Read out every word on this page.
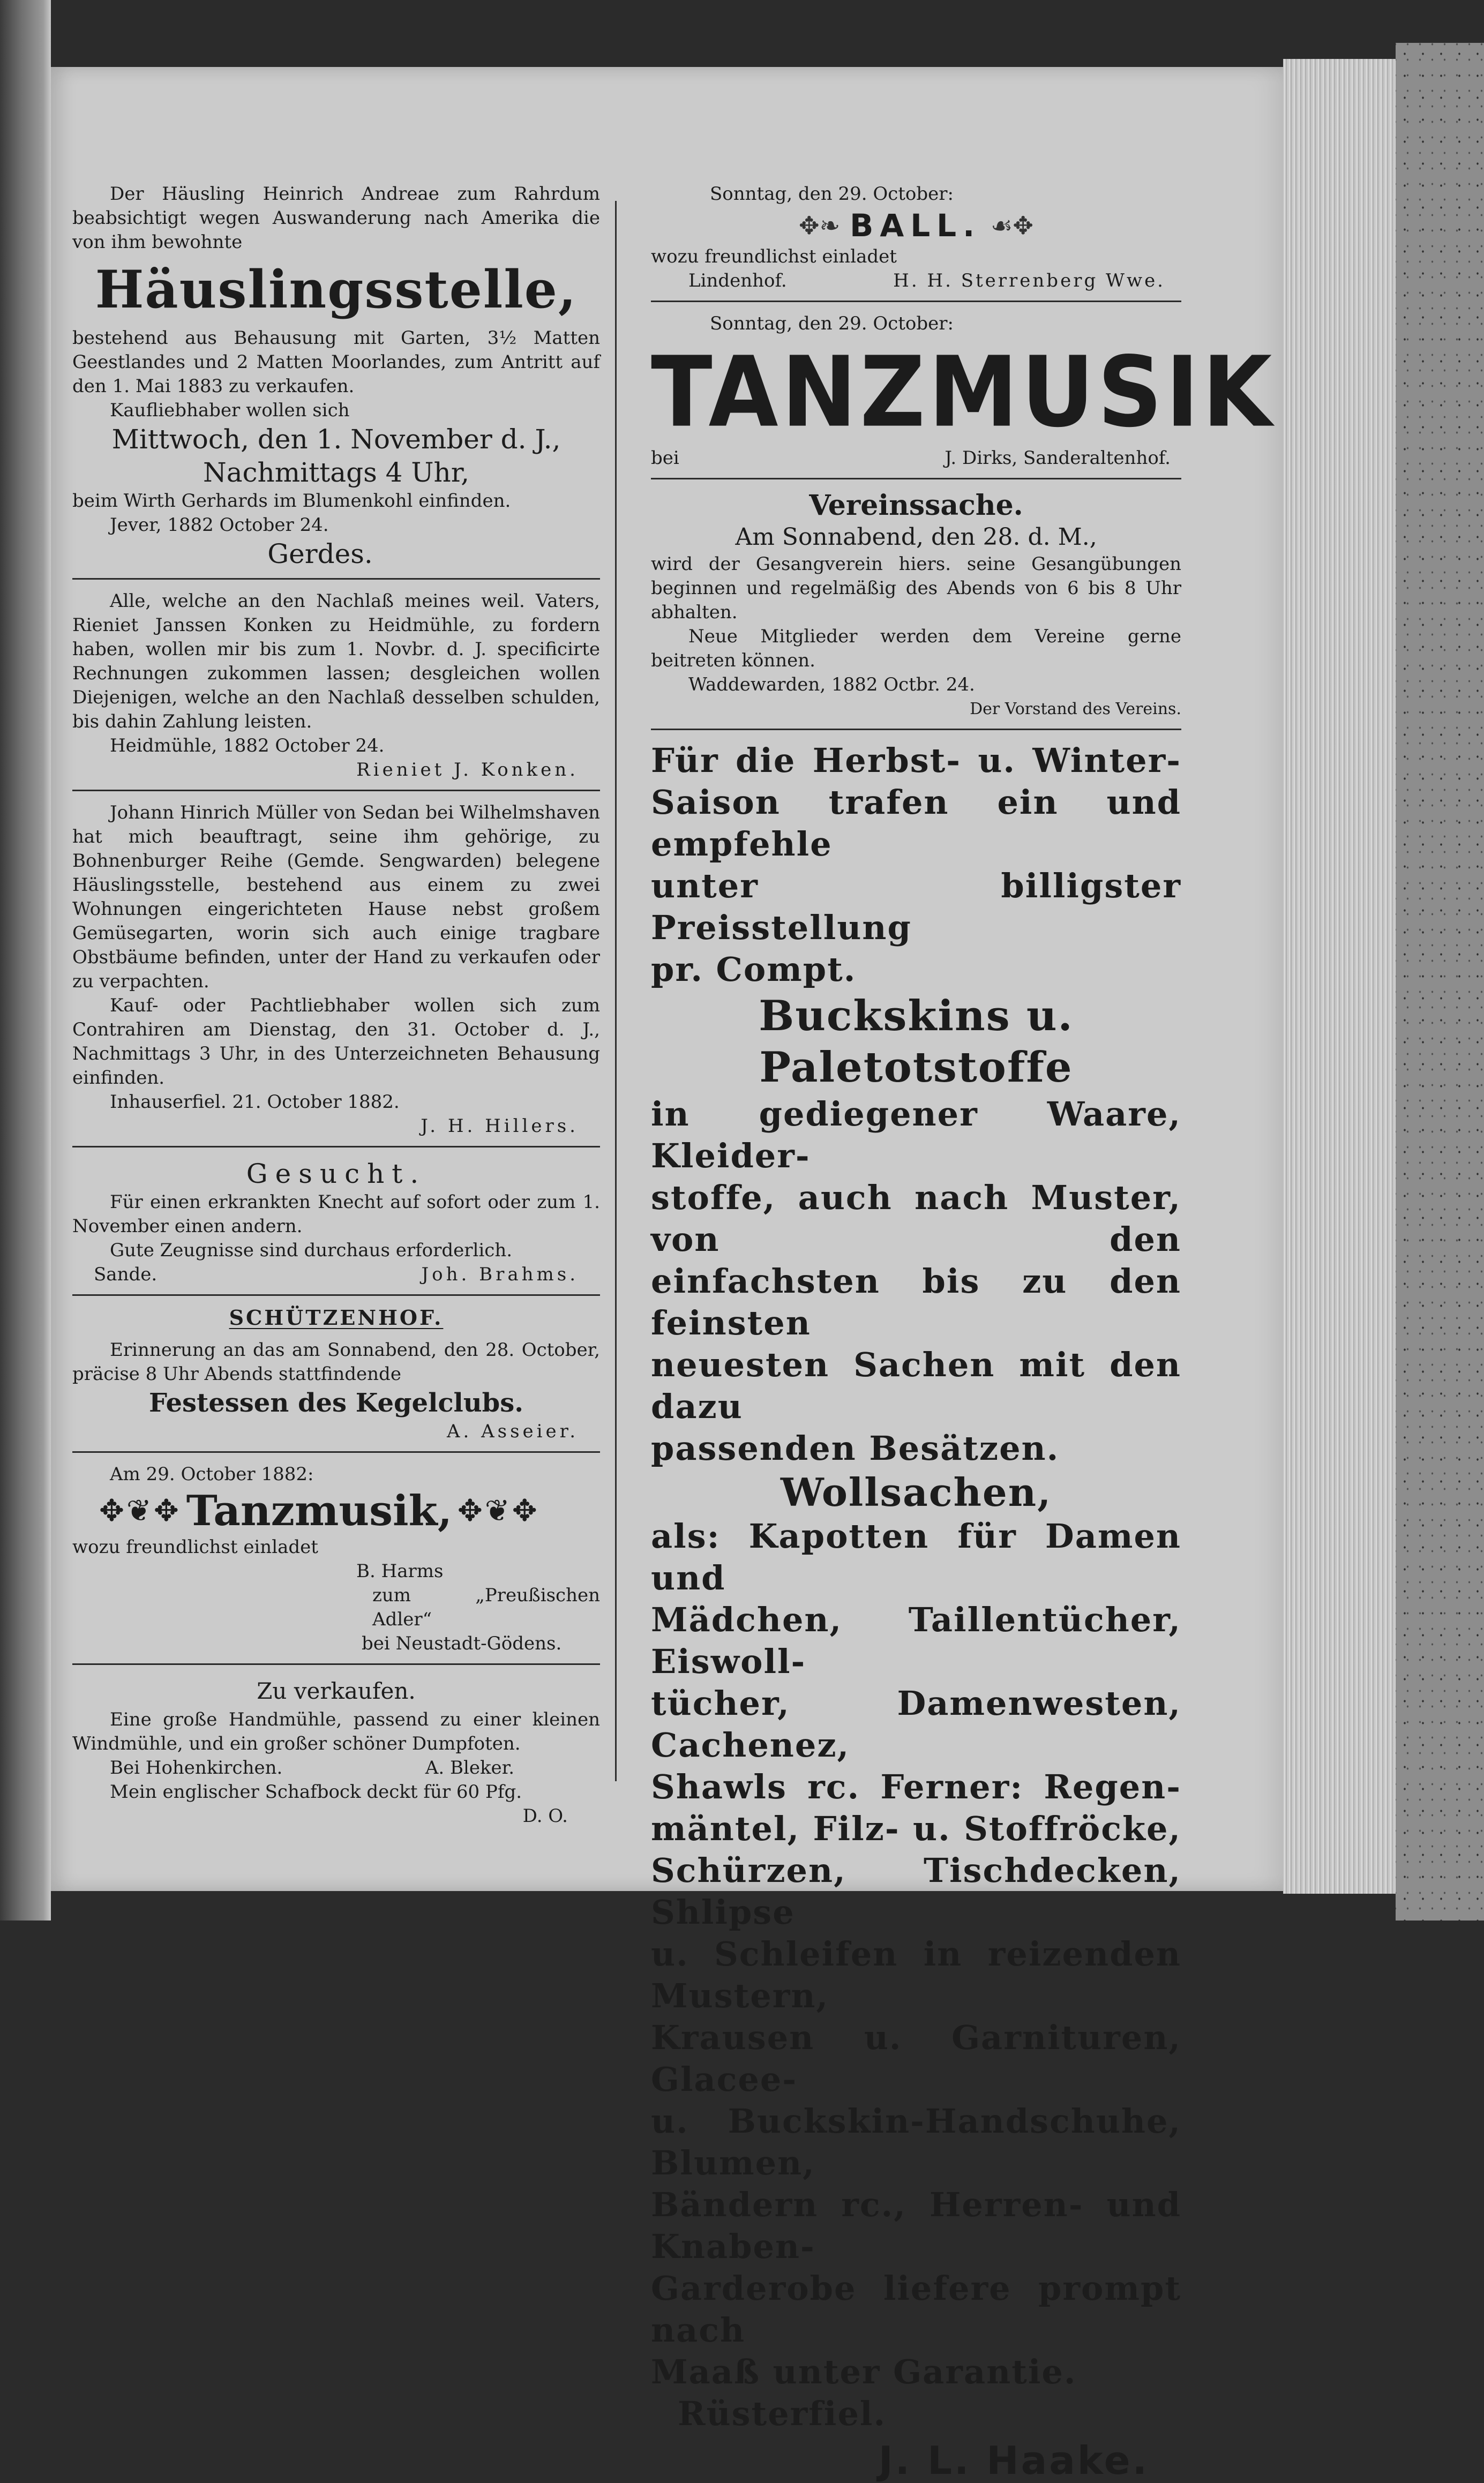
Der Häusling Heinrich Andreae zum Rahrdum beabsichtigt wegen Auswanderung nach Amerika die von ihm bewohnte

Häuslingsstelle,

bestehend aus Behausung mit Garten, 3½ Matten Geestlandes und 2 Matten Moorlandes, zum Antritt auf den 1. Mai 1883 zu verkaufen.

Kaufliebhaber wollen sich

Mittwoch, den 1. November d. J.,
Nachmittags 4 Uhr,

beim Wirth Gerhards im Blumenkohl einfinden.

Jever, 1882 October 24.

Gerdes.

Alle, welche an den Nachlaß meines weil. Vaters, Rieniet Janssen Konken zu Heidmühle, zu fordern haben, wollen mir bis zum 1. Novbr. d. J. specificirte Rechnungen zukommen lassen; desgleichen wollen Diejenigen, welche an den Nachlaß desselben schulden, bis dahin Zahlung leisten.

Heidmühle, 1882 October 24.

Rieniet J. Konken.

Johann Hinrich Müller von Sedan bei Wilhelmshaven hat mich beauftragt, seine ihm gehörige, zu Bohnenburger Reihe (Gemde. Sengwarden) belegene Häuslingsstelle, bestehend aus einem zu zwei Wohnungen eingerichteten Hause nebst großem Gemüsegarten, worin sich auch einige tragbare Obstbäume befinden, unter der Hand zu verkaufen oder zu verpachten.

Kauf- oder Pachtliebhaber wollen sich zum Contrahiren am Dienstag, den 31. October d. J., Nachmittags 3 Uhr, in des Unterzeichneten Behausung einfinden.

Inhauserfiel. 21. October 1882.

J. H. Hillers.

Gesucht.

Für einen erkrankten Knecht auf sofort oder zum 1. November einen andern.

Gute Zeugnisse sind durchaus erforderlich.

Sande.	Joh. Brahms.
SCHÜTZENHOF.

Erinnerung an das am Sonnabend, den 28. October, präcise 8 Uhr Abends stattfindende

Festessen des Kegelclubs.

A. Asseier.

Am 29. October 1882:

✥❦✥ Tanzmusik, ✥❦✥

wozu freundlichst einladet

B. Harms

zum „Preußischen Adler“

bei Neustadt-Gödens.

Zu verkaufen.

Eine große Handmühle, passend zu einer kleinen Windmühle, und ein großer schöner Dumpfoten.

Bei Hohenkirchen.	A. Bleker.

Mein englischer Schafbock deckt für 60 Pfg.

D. O.

Sonntag, den 29. October:

✥❧ BALL. ☙✥

wozu freundlichst einladet

Lindenhof.	H. H. Sterrenberg Wwe.

Sonntag, den 29. October:

TANZMUSIK
bei	J. Dirks, Sanderaltenhof.
Vereinssache.
Am Sonnabend, den 28. d. M.,

wird der Gesangverein hiers. seine Gesangübungen beginnen und regelmäßig des Abends von 6 bis 8 Uhr abhalten.

Neue Mitglieder werden dem Vereine gerne beitreten können.

Waddewarden, 1882 Octbr. 24.

Der Vorstand des Vereins.

Für die Herbst- u. Winter-

Saison trafen ein und empfehle

unter billigster Preisstellung

pr. Compt.

Buckskins u. Paletotstoffe

in gediegener Waare, Kleider-

stoffe, auch nach Muster, von den

einfachsten bis zu den feinsten

neuesten Sachen mit den dazu

passenden Besätzen.

Wollsachen,

als: Kapotten für Damen und

Mädchen, Taillentücher, Eiswoll-

tücher, Damenwesten, Cachenez,

Shawls rc. Ferner: Regen-

mäntel, Filz- u. Stoffröcke,

Schürzen, Tischdecken, Shlipse

u. Schleifen in reizenden Mustern,

Krausen u. Garnituren, Glacee-

u. Buckskin-Handschuhe, Blumen,

Bändern rc., Herren- und Knaben-

Garderobe liefere prompt nach

Maaß unter Garantie.

Rüsterfiel.

J. L. Haake.
